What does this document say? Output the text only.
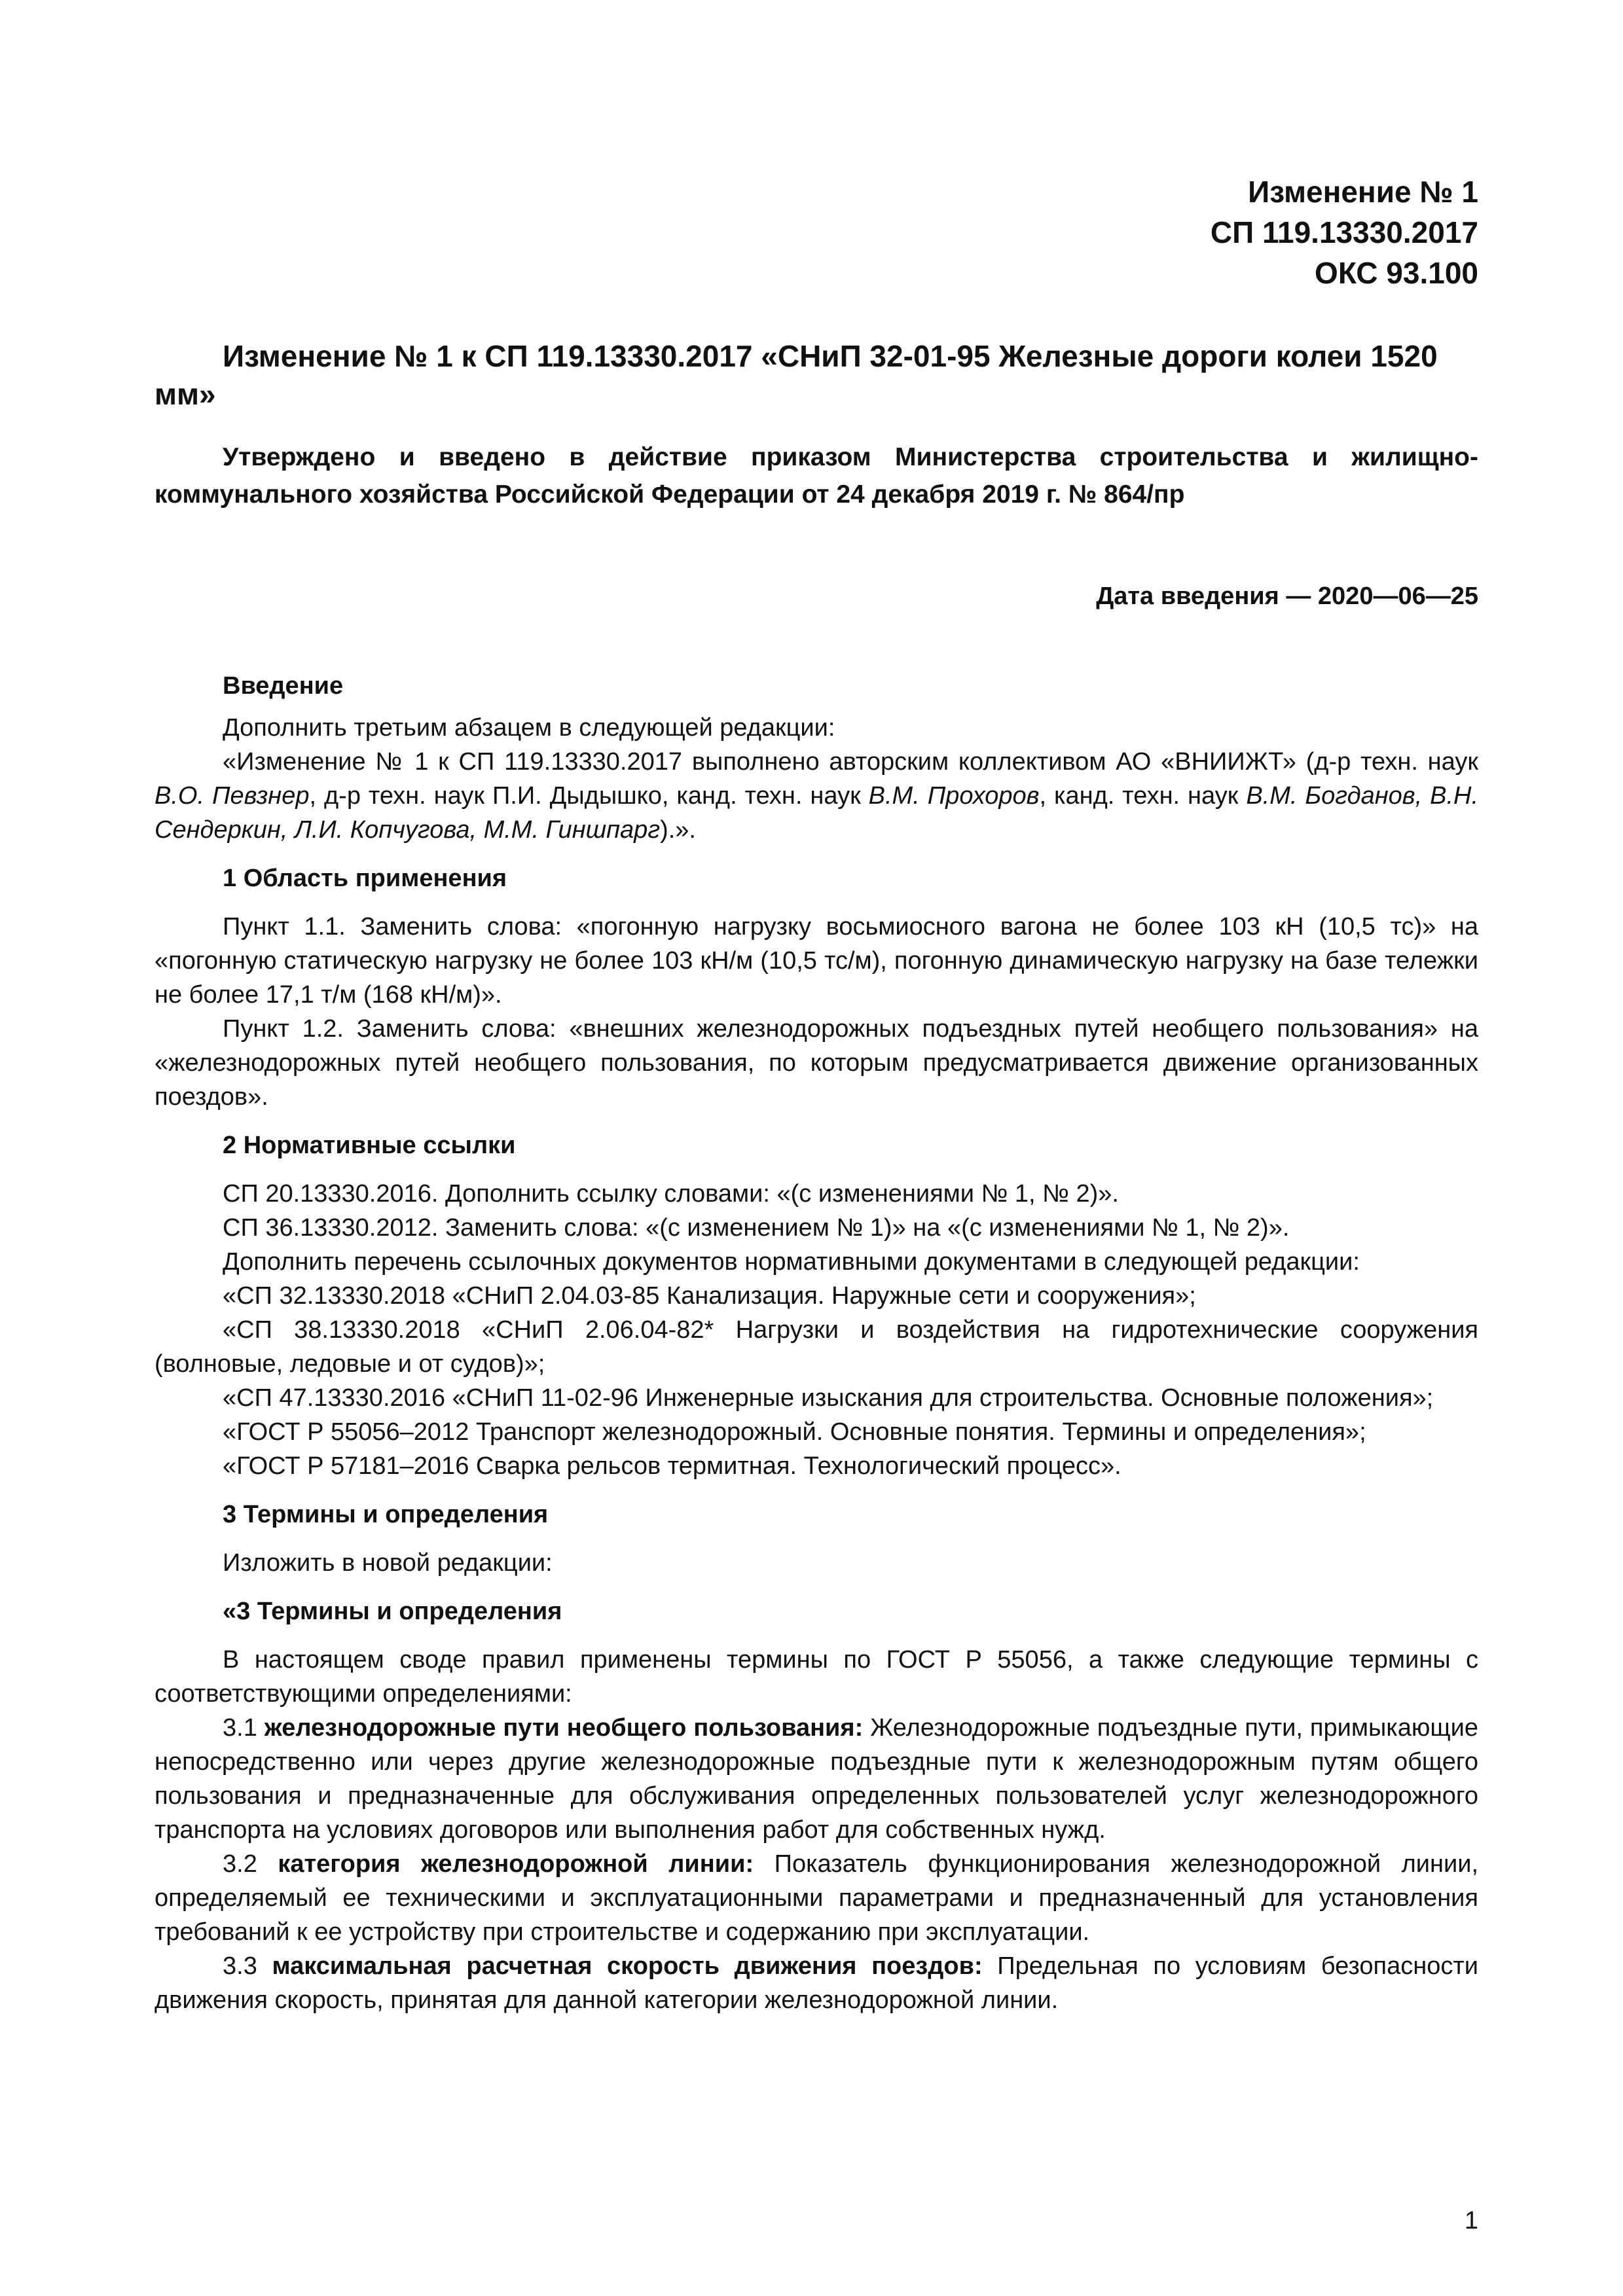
Изменение № 1
СП 119.13330.2017
ОКС 93.100
Изменение № 1 к СП 119.13330.2017 «СНиП 32-01-95 Железные дороги колеи 1520 мм»
Утверждено и введено в действие приказом Министерства строительства и жилищно-коммунального хозяйства Российской Федерации от 24 декабря 2019 г. № 864/пр
Дата введения — 2020—06—25

Введение

Дополнить третьим абзацем в следующей редакции:

«Изменение № 1 к СП 119.13330.2017 выполнено авторским коллективом АО «ВНИИЖТ» (д-р техн. наук В.О. Певзнер, д-р техн. наук П.И. Дыдышко, канд. техн. наук В.М. Прохоров, канд. техн. наук В.М. Богданов, В.Н. Сендеркин, Л.И. Копчугова, М.М. Гиншпарг).».

1 Область применения

Пункт 1.1. Заменить слова: «погонную нагрузку восьмиосного вагона не более 103 кН (10,5 тс)» на «погонную статическую нагрузку не более 103 кН/м (10,5 тс/м), погонную динамическую нагрузку на базе тележки не более 17,1 т/м (168 кН/м)».

Пункт 1.2. Заменить слова: «внешних железнодорожных подъездных путей необщего пользования» на «железнодорожных путей необщего пользования, по которым предусматривается движение организованных поездов».

2 Нормативные ссылки

СП 20.13330.2016. Дополнить ссылку словами: «(с изменениями № 1, № 2)».

СП 36.13330.2012. Заменить слова: «(с изменением № 1)» на «(с изменениями № 1, № 2)».

Дополнить перечень ссылочных документов нормативными документами в следующей редакции:

«СП 32.13330.2018 «СНиП 2.04.03-85 Канализация. Наружные сети и сооружения»;

«СП 38.13330.2018 «СНиП 2.06.04-82* Нагрузки и воздействия на гидротехнические сооружения (волновые, ледовые и от судов)»;

«СП 47.13330.2016 «СНиП 11-02-96 Инженерные изыскания для строительства. Основные положения»;

«ГОСТ Р 55056–2012 Транспорт железнодорожный. Основные понятия. Термины и определения»;

«ГОСТ Р 57181–2016 Сварка рельсов термитная. Технологический процесс».

3 Термины и определения

Изложить в новой редакции:

«3 Термины и определения

В настоящем своде правил применены термины по ГОСТ Р 55056, а также следующие термины с соответствующими определениями:

3.1 железнодорожные пути необщего пользования: Железнодорожные подъездные пути, примыкающие непосредственно или через другие железнодорожные подъездные пути к железнодорожным путям общего пользования и предназначенные для обслуживания определенных пользователей услуг железнодорожного транспорта на условиях договоров или выполнения работ для собственных нужд.

3.2 категория железнодорожной линии: Показатель функционирования железнодорожной линии, определяемый ее техническими и эксплуатационными параметрами и предназначенный для установления требований к ее устройству при строительстве и содержанию при эксплуатации.

3.3 максимальная расчетная скорость движения поездов: Предельная по условиям безопасности движения скорость, принятая для данной категории железнодорожной линии.

1
